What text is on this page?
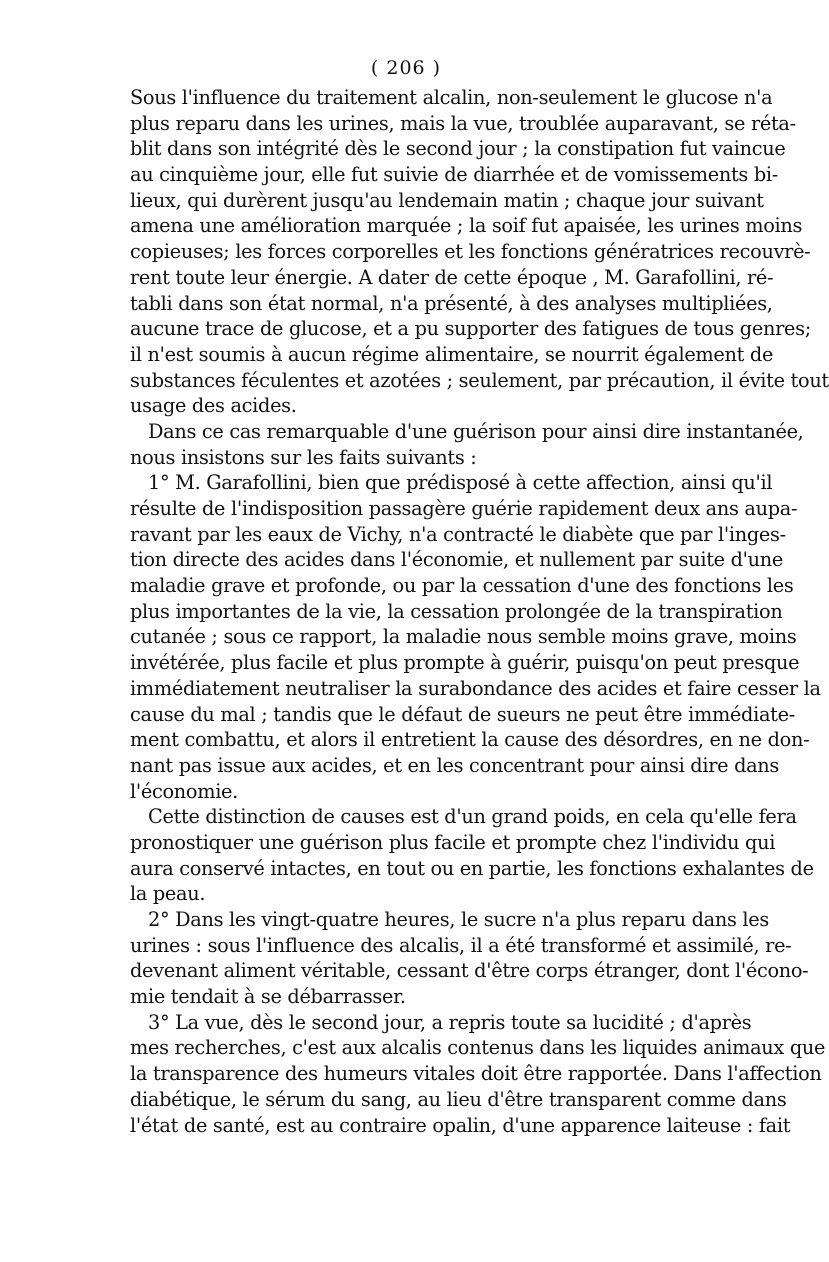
( 206 )
Sous l'influence du traitement alcalin, non-seulement le glucose n'a
plus reparu dans les urines, mais la vue, troublée auparavant, se réta-
blit dans son intégrité dès le second jour ; la constipation fut vaincue
au cinquième jour, elle fut suivie de diarrhée et de vomissements bi-
lieux, qui durèrent jusqu'au lendemain matin ; chaque jour suivant
amena une amélioration marquée ; la soif fut apaisée, les urines moins
copieuses; les forces corporelles et les fonctions génératrices recouvrè-
rent toute leur énergie. A dater de cette époque , M. Garafollini, ré-
tabli dans son état normal, n'a présenté, à des analyses multipliées,
aucune trace de glucose, et a pu supporter des fatigues de tous genres;
il n'est soumis à aucun régime alimentaire, se nourrit également de
substances féculentes et azotées ; seulement, par précaution, il évite tout
usage des acides.
Dans ce cas remarquable d'une guérison pour ainsi dire instantanée,
nous insistons sur les faits suivants :
1° M. Garafollini, bien que prédisposé à cette affection, ainsi qu'il
résulte de l'indisposition passagère guérie rapidement deux ans aupa-
ravant par les eaux de Vichy, n'a contracté le diabète que par l'inges-
tion directe des acides dans l'économie, et nullement par suite d'une
maladie grave et profonde, ou par la cessation d'une des fonctions les
plus importantes de la vie, la cessation prolongée de la transpiration
cutanée ; sous ce rapport, la maladie nous semble moins grave, moins
invétérée, plus facile et plus prompte à guérir, puisqu'on peut presque
immédiatement neutraliser la surabondance des acides et faire cesser la
cause du mal ; tandis que le défaut de sueurs ne peut être immédiate-
ment combattu, et alors il entretient la cause des désordres, en ne don-
nant pas issue aux acides, et en les concentrant pour ainsi dire dans
l'économie.
Cette distinction de causes est d'un grand poids, en cela qu'elle fera
pronostiquer une guérison plus facile et prompte chez l'individu qui
aura conservé intactes, en tout ou en partie, les fonctions exhalantes de
la peau.
2° Dans les vingt-quatre heures, le sucre n'a plus reparu dans les
urines : sous l'influence des alcalis, il a été transformé et assimilé, re-
devenant aliment véritable, cessant d'être corps étranger, dont l'écono-
mie tendait à se débarrasser.
3° La vue, dès le second jour, a repris toute sa lucidité ; d'après
mes recherches, c'est aux alcalis contenus dans les liquides animaux que
la transparence des humeurs vitales doit être rapportée. Dans l'affection
diabétique, le sérum du sang, au lieu d'être transparent comme dans
l'état de santé, est au contraire opalin, d'une apparence laiteuse : fait
